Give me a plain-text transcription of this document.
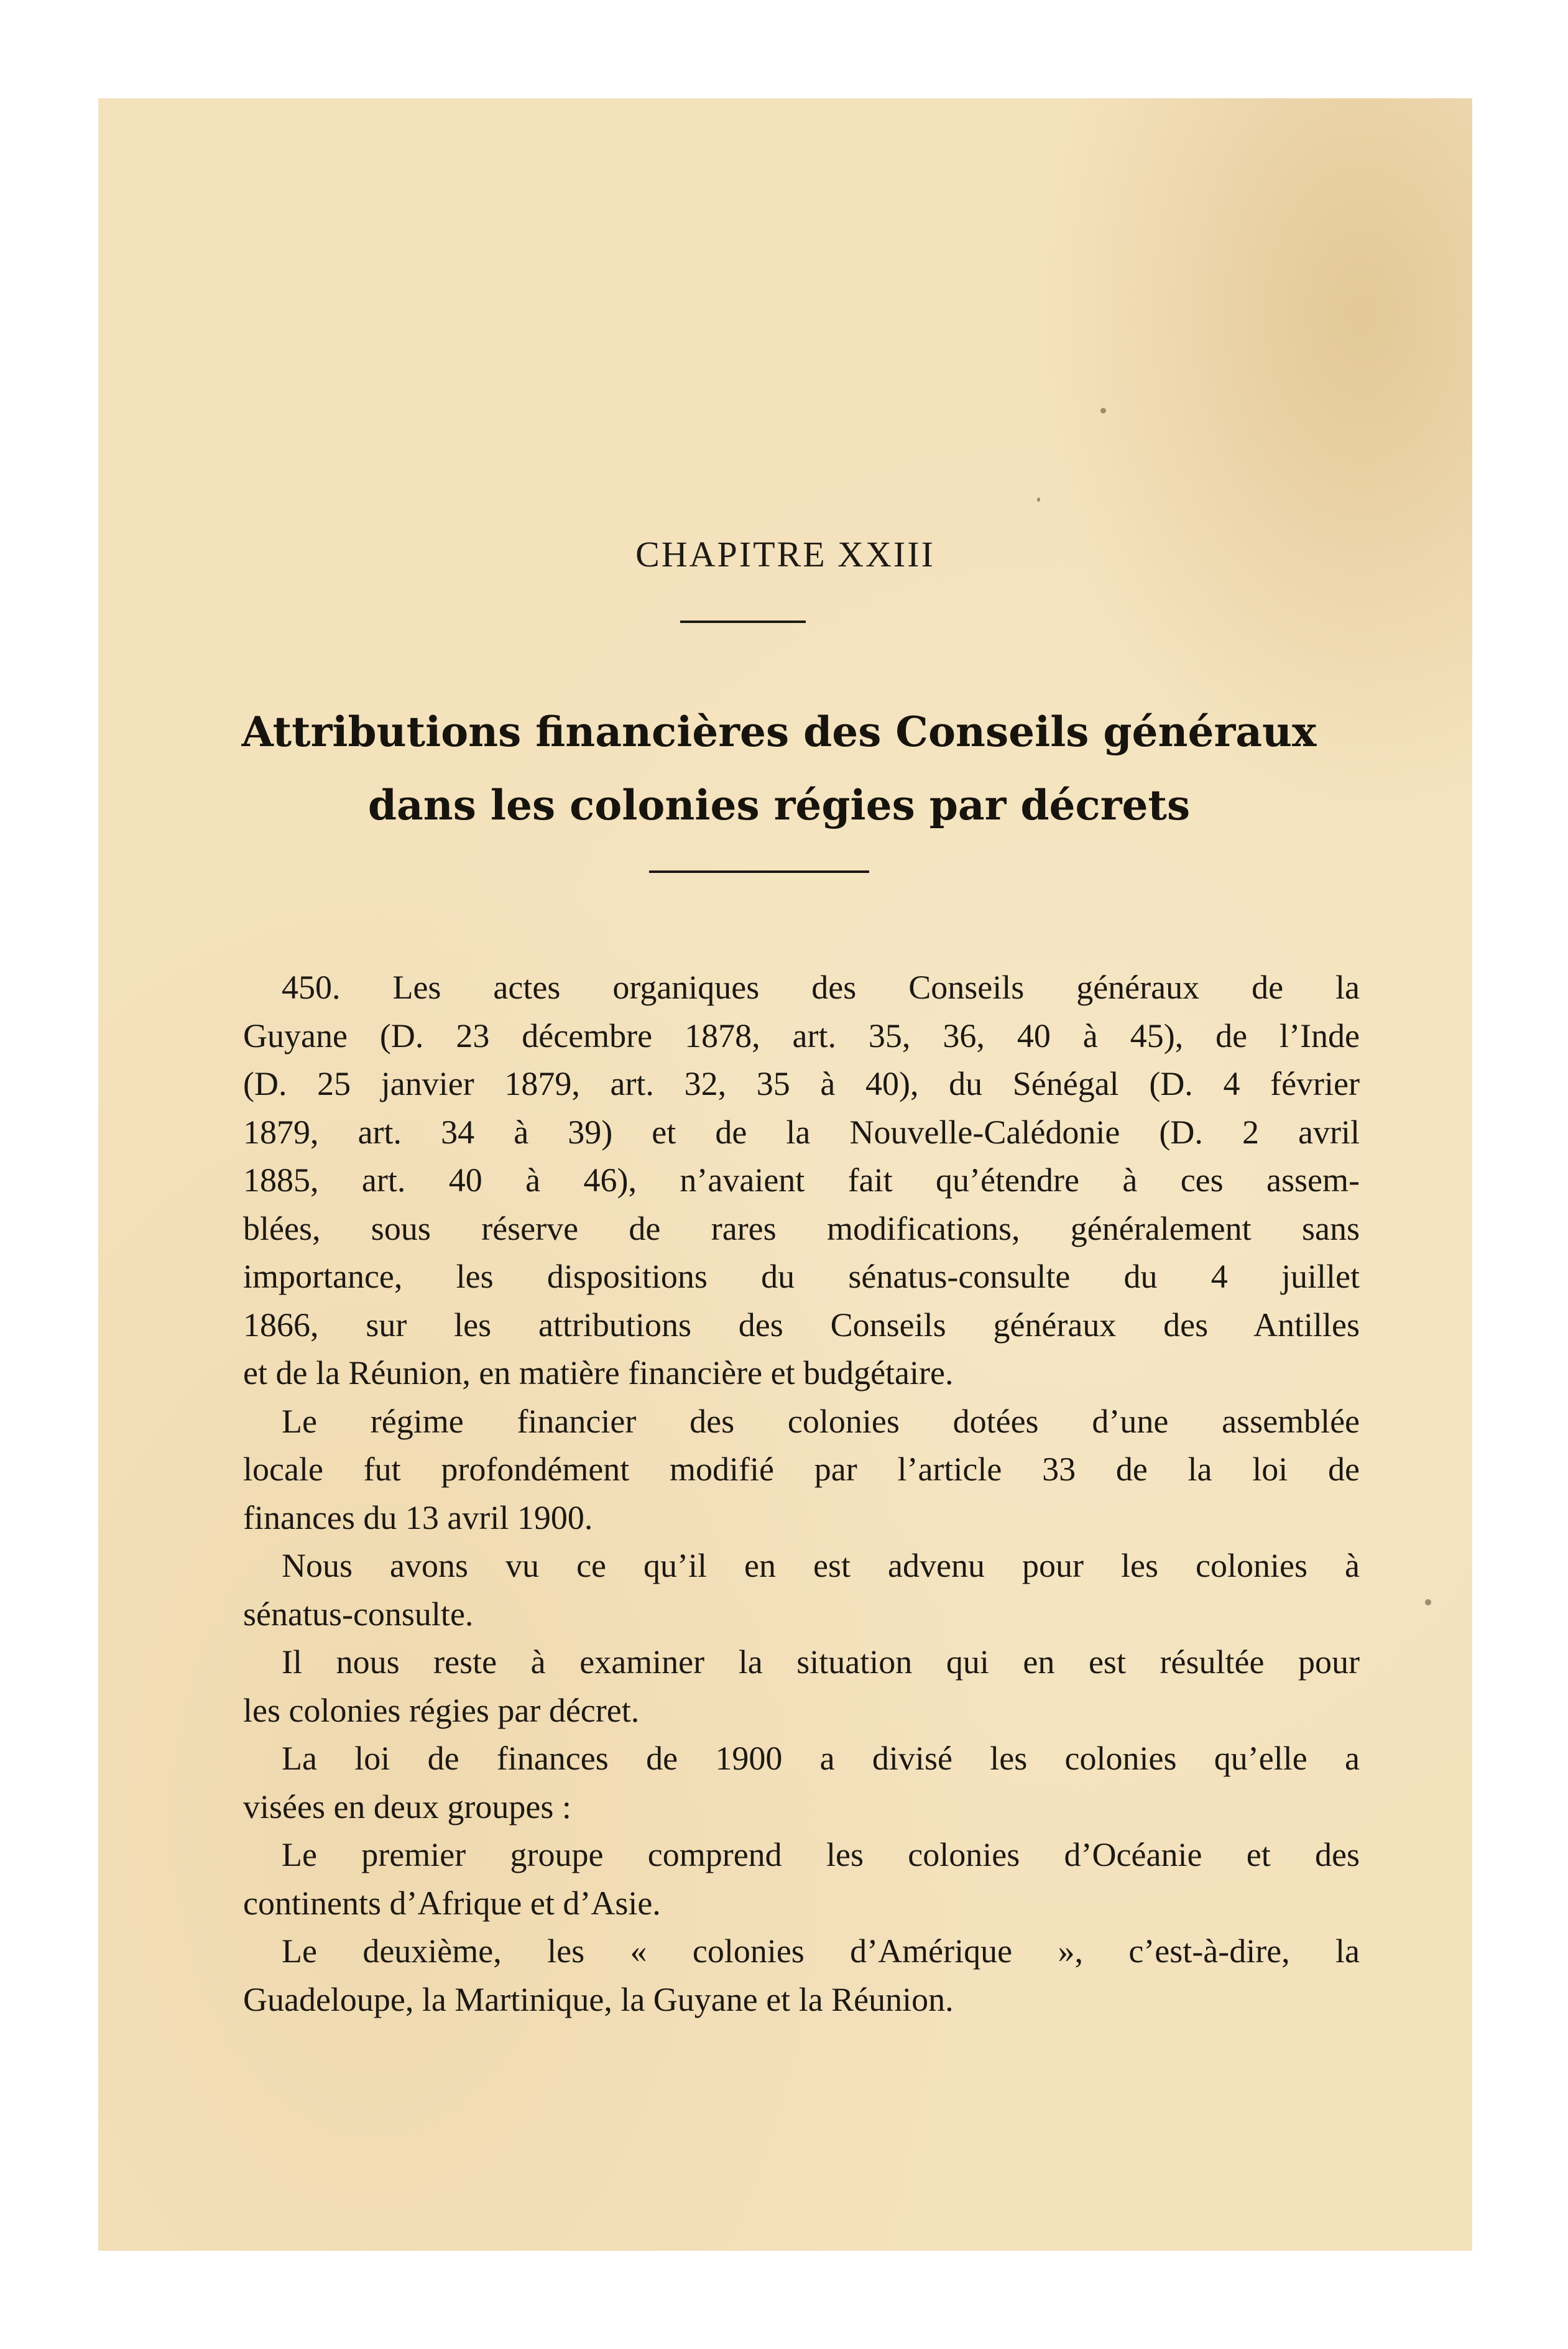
CHAPITRE XXIII
Attributions financières des Conseils généraux
dans les colonies régies par décrets
450. Les actes organiques des Conseils généraux de la
Guyane (D. 23 décembre 1878, art. 35, 36, 40 à 45), de l’Inde
(D. 25 janvier 1879, art. 32, 35 à 40), du Sénégal (D. 4 février
1879, art. 34 à 39) et de la Nouvelle-Calédonie (D. 2 avril
1885, art. 40 à 46), n’avaient fait qu’étendre à ces assem-
blées, sous réserve de rares modifications, généralement sans
importance, les dispositions du sénatus-consulte du 4 juillet
1866, sur les attributions des Conseils généraux des Antilles
et de la Réunion, en matière financière et budgétaire.
Le régime financier des colonies dotées d’une assemblée
locale fut profondément modifié par l’article 33 de la loi de
finances du 13 avril 1900.
Nous avons vu ce qu’il en est advenu pour les colonies à
sénatus-consulte.
Il nous reste à examiner la situation qui en est résultée pour
les colonies régies par décret.
La loi de finances de 1900 a divisé les colonies qu’elle a
visées en deux groupes :
Le premier groupe comprend les colonies d’Océanie et des
continents d’Afrique et d’Asie.
Le deuxième, les « colonies d’Amérique », c’est-à-dire, la
Guadeloupe, la Martinique, la Guyane et la Réunion.
